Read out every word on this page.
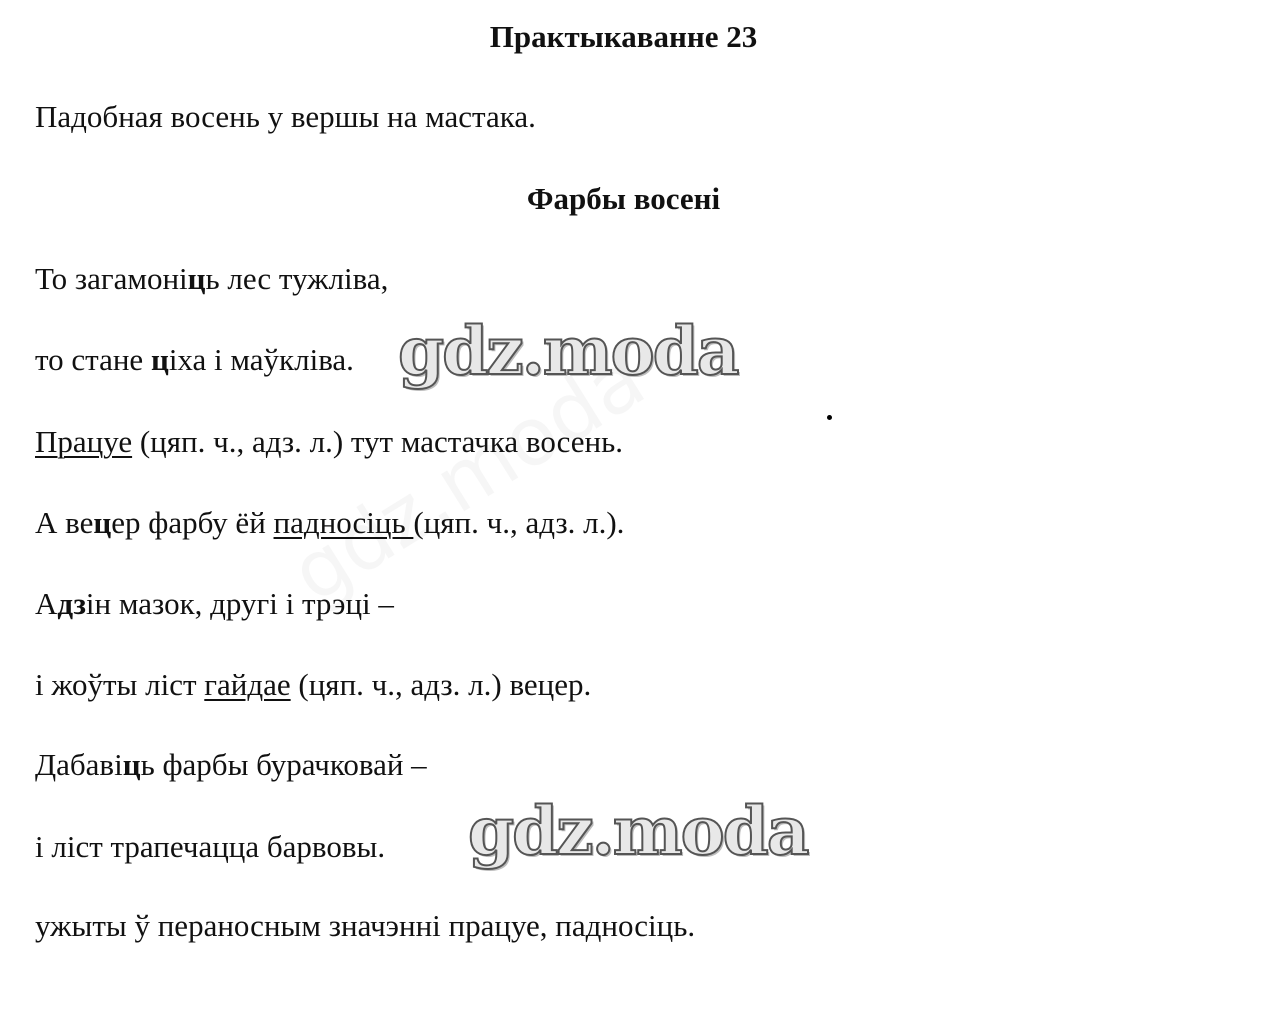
Практыкаванне 23
Падобная восень у вершы на мастака.
Фарбы восені
То загамоніць лес тужліва,
то стане ціха і маўкліва.
Працуе (цяп. ч., адз. л.) тут мастачка восень.
А вецер фарбу ёй падносіць (цяп. ч., адз. л.).
Адзін мазок, другі і трэці –
і жоўты ліст гайдае (цяп. ч., адз. л.) вецер.
Дабавіць фарбы бурачковай –
і ліст трапечацца барвовы.
ужыты ў пераносным значэнні працуе, падносіць.
gdz.moda
gdz.moda
